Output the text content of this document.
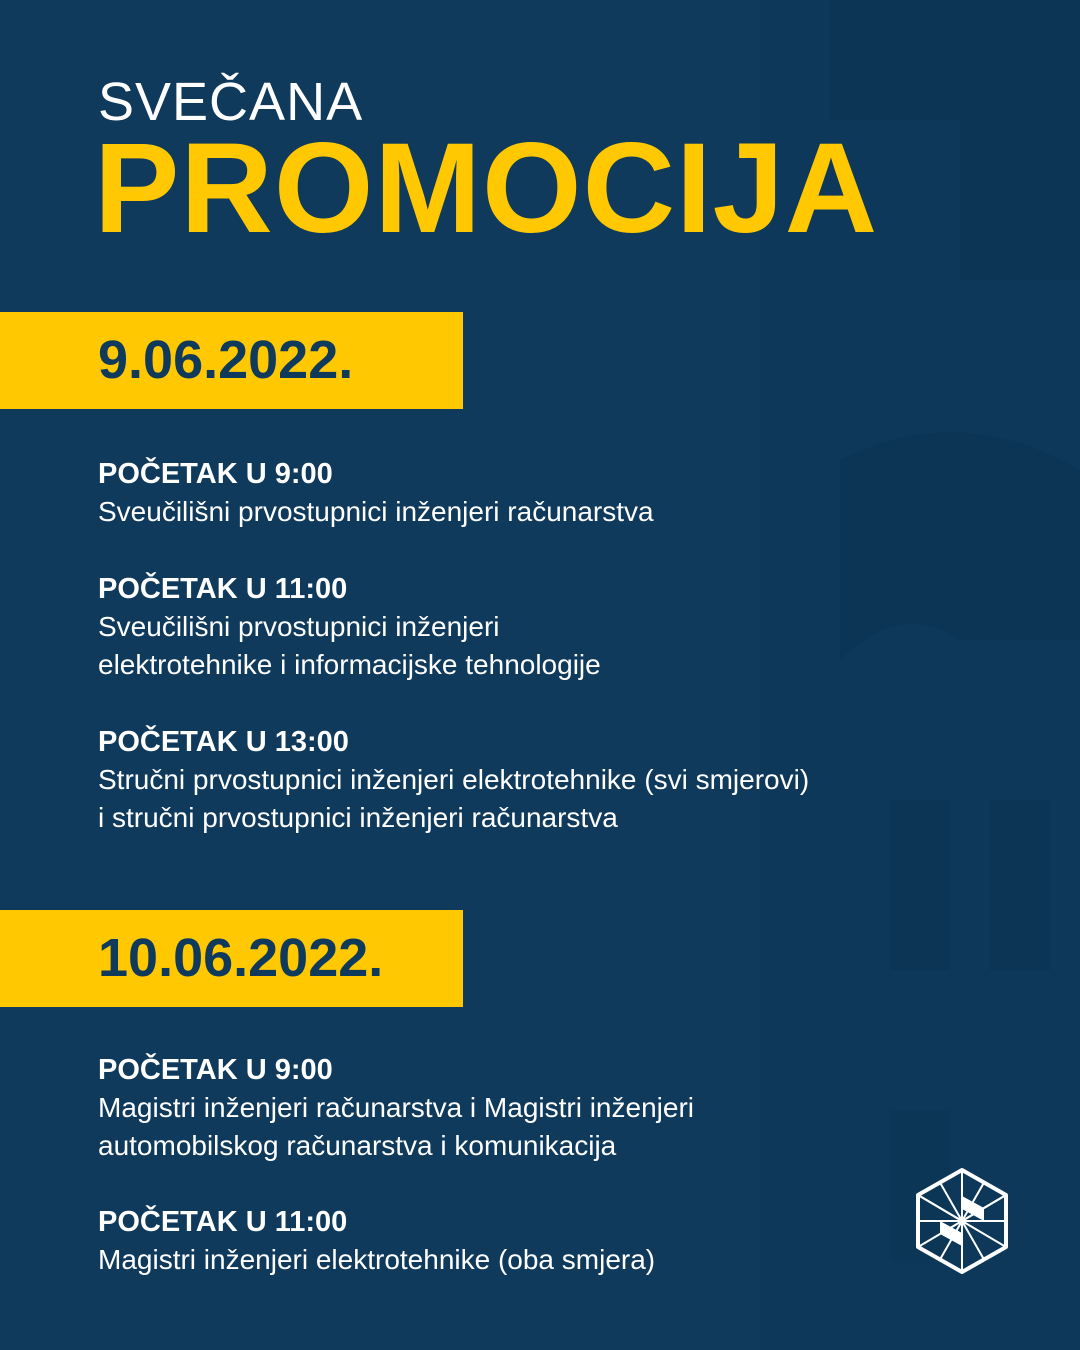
SVEČANA
PROMOCIJA
9.06.2022.
POČETAK U 9:00
Sveučilišni prvostupnici inženjeri računarstva
POČETAK U 11:00
Sveučilišni prvostupnici inženjeri
elektrotehnike i informacijske tehnologije
POČETAK U 13:00
Stručni prvostupnici inženjeri elektrotehnike (svi smjerovi)
i stručni prvostupnici inženjeri računarstva
10.06.2022.
POČETAK U 9:00
Magistri inženjeri računarstva i Magistri inženjeri
automobilskog računarstva i komunikacija
POČETAK U 11:00
Magistri inženjeri elektrotehnike (oba smjera)
